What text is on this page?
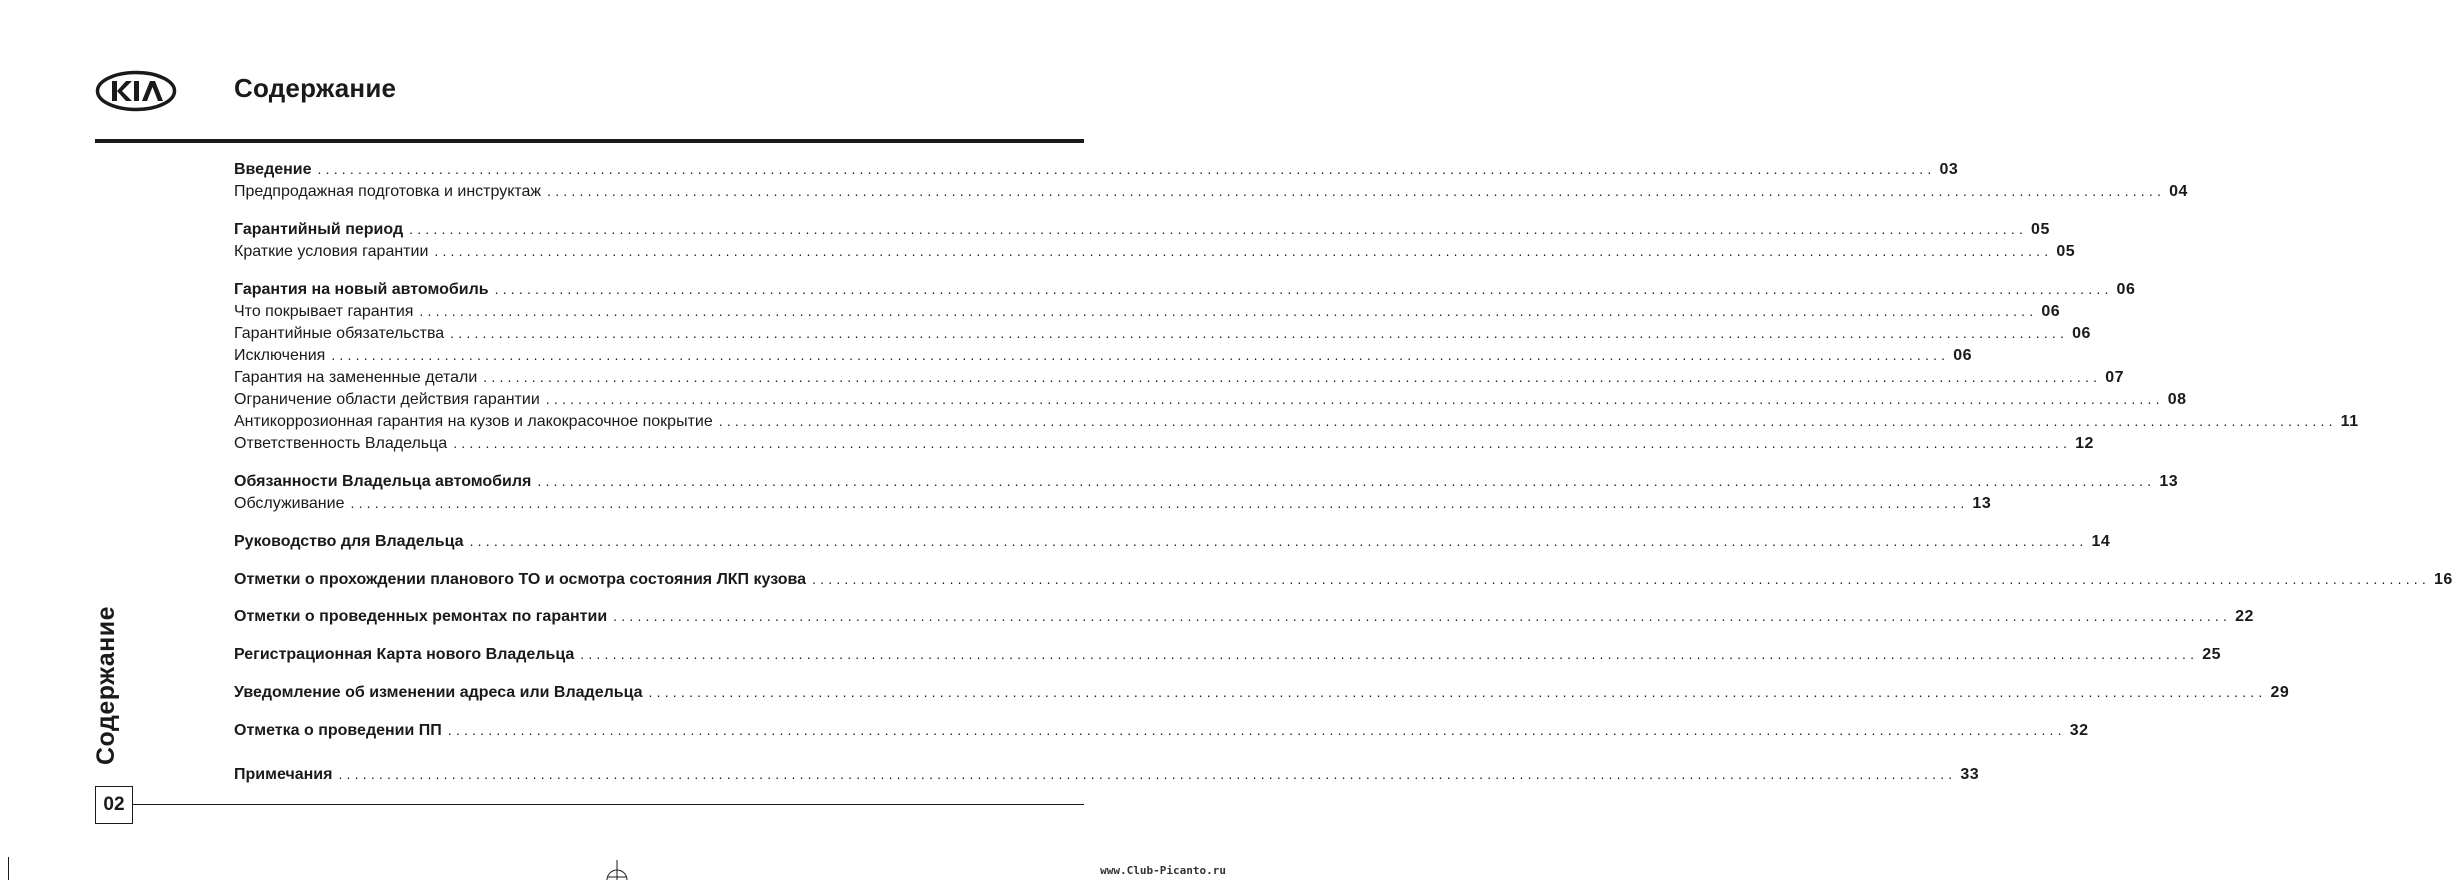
Содержание
Введение ........................................................................................................................................................................................................ 03
Предпродажная подготовка и инструктаж ........................................................................................................................................................................................................ 04
Гарантийный период ........................................................................................................................................................................................................ 05
Краткие условия гарантии ........................................................................................................................................................................................................ 05
Гарантия на новый автомобиль ........................................................................................................................................................................................................ 06
Что покрывает гарантия ........................................................................................................................................................................................................ 06
Гарантийные обязательства ........................................................................................................................................................................................................ 06
Исключения ........................................................................................................................................................................................................ 06
Гарантия на замененные детали ........................................................................................................................................................................................................ 07
Ограничение области действия гарантии ........................................................................................................................................................................................................ 08
Антикоррозионная гарантия на кузов и лакокрасочное покрытие ........................................................................................................................................................................................................ 11
Ответственность Владельца ........................................................................................................................................................................................................ 12
Обязанности Владельца автомобиля ........................................................................................................................................................................................................ 13
Обслуживание ........................................................................................................................................................................................................ 13
Руководство для Владельца ........................................................................................................................................................................................................ 14
Отметки о прохождении планового ТО и осмотра состояния ЛКП кузова ........................................................................................................................................................................................................ 16
Отметки о проведенных ремонтах по гарантии ........................................................................................................................................................................................................ 22
Регистрационная Карта нового Владельца ........................................................................................................................................................................................................ 25
Уведомление об изменении адреса или Владельца ........................................................................................................................................................................................................ 29
Отметка о проведении ПП ........................................................................................................................................................................................................ 32
Примечания ........................................................................................................................................................................................................ 33
Содержание
02
www.Club-Picanto.ru
